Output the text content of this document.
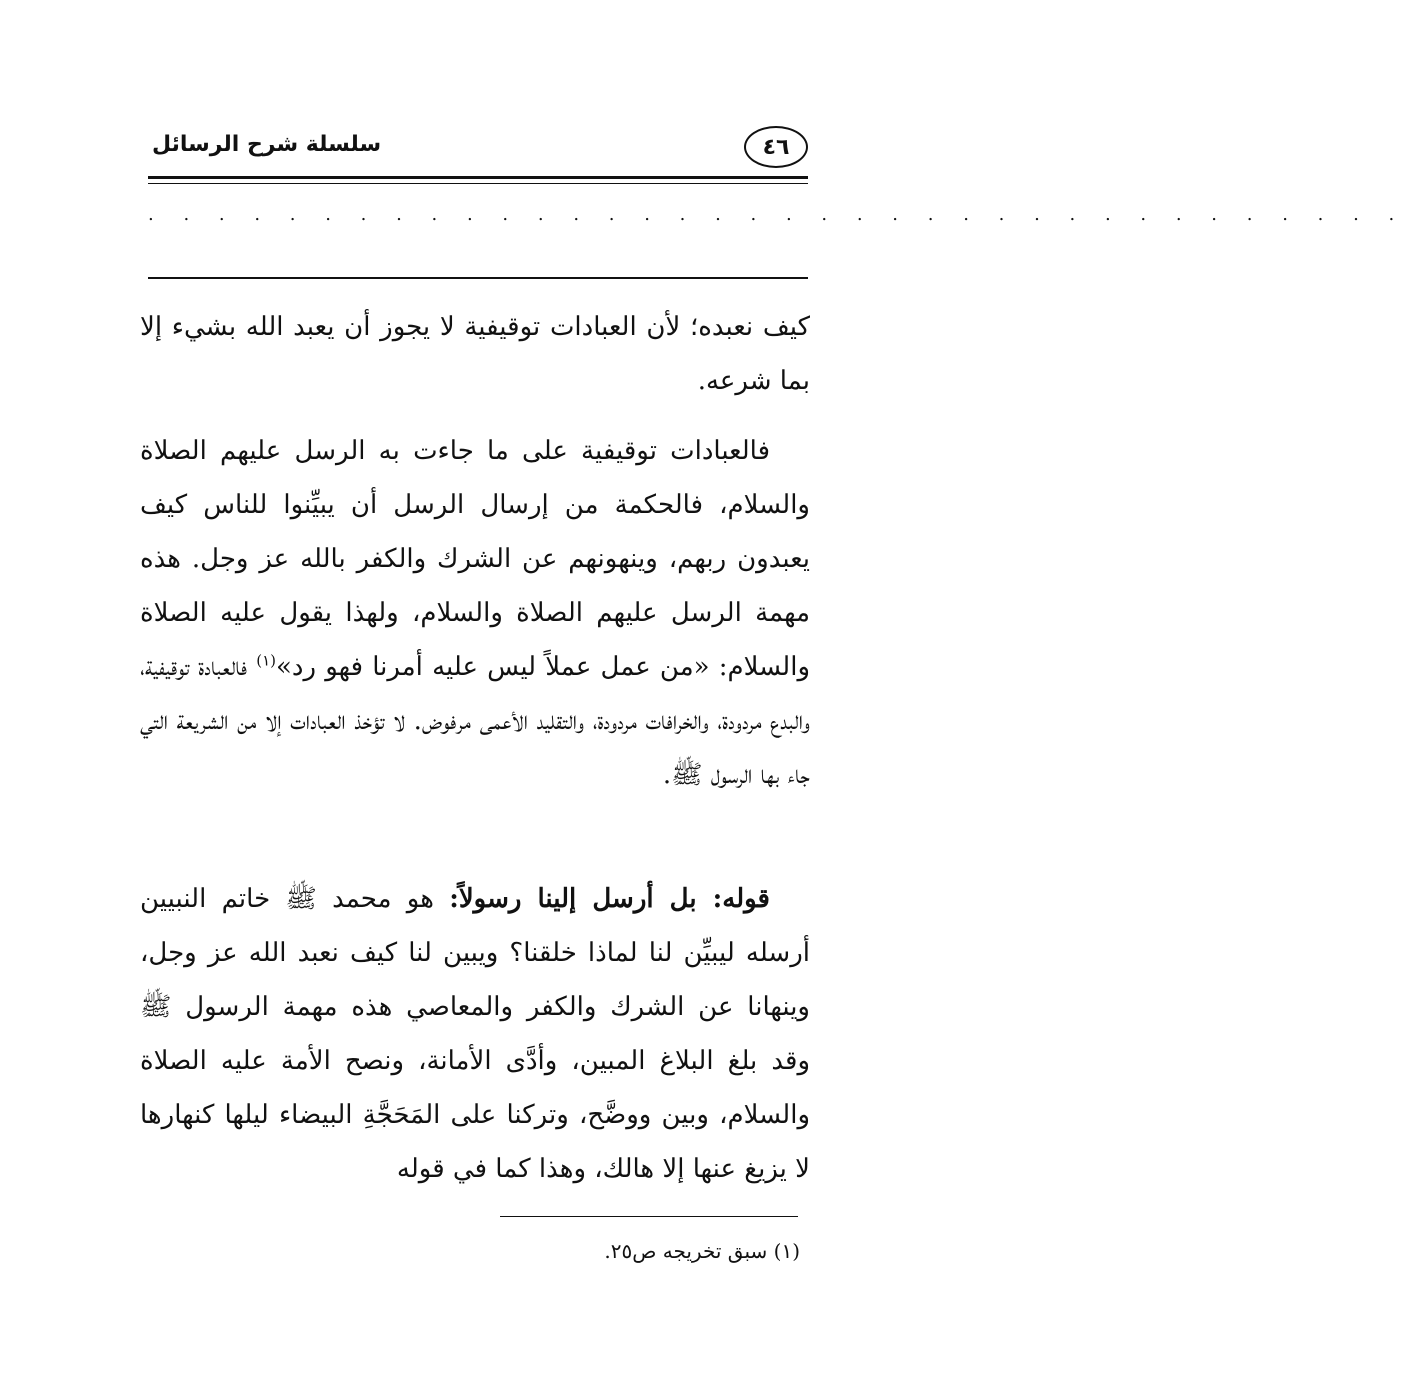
٤٦
سلسلة شرح الرسائل
. . . . . . . . . . . . . . . . . . . . . . . . . . . . . . . . . . . .

كيف نعبده؛ لأن العبادات توقيفية لا يجوز أن يعبد الله بشيء إلا بما شرعه.

فالعبادات توقيفية على ما جاءت به الرسل عليهم الصلاة والسلام، فالحكمة من إرسال الرسل أن يبيِّنوا للناس كيف يعبدون ربهم، وينهونهم عن الشرك والكفر بالله عز وجل. هذه مهمة الرسل عليهم الصلاة والسلام، ولهذا يقول عليه الصلاة والسلام: «من عمل عملاً ليس عليه أمرنا فهو رد»$^{(١)}$ فالعبادة توقيفية، والبدع مردودة، والخرافات مردودة، والتقليد الأعمى مرفوض. لا تؤخذ العبادات إلا من الشريعة التي جاء بها الرسول ﷺ.

قوله: بل أرسل إلينا رسولاً: هو محمد ﷺ خاتم النبيين أرسله ليبيِّن لنا لماذا خلقنا؟ ويبين لنا كيف نعبد الله عز وجل، وينهانا عن الشرك والكفر والمعاصي هذه مهمة الرسول ﷺ وقد بلغ البلاغ المبين، وأدَّى الأمانة، ونصح الأمة عليه الصلاة والسلام، وبين ووضَّح، وتركنا على المَحَجَّةِ البيضاء ليلها كنهارها لا يزيغ عنها إلا هالك، وهذا كما في قوله

(١) سبق تخريجه ص٢٥.
